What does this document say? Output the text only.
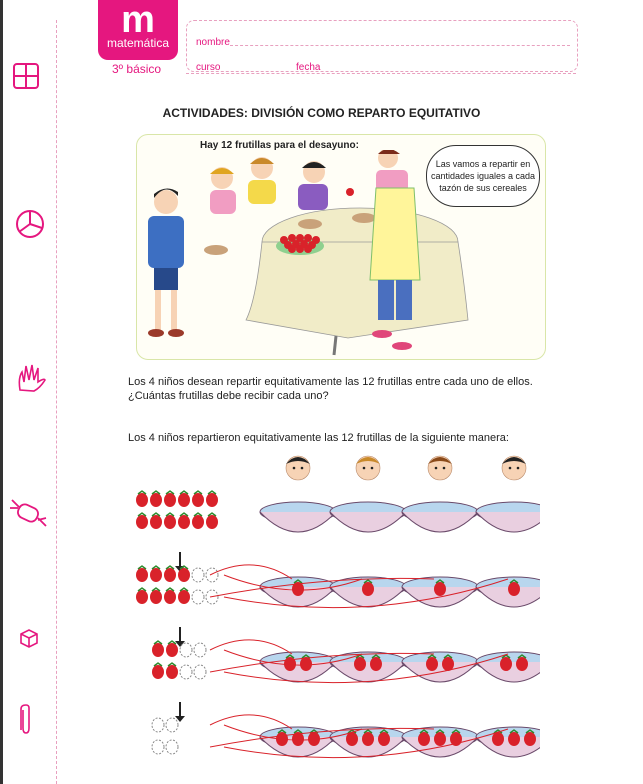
m
matemática
3º básico
nombre
curso	fecha
ACTIVIDADES: DIVISIÓN COMO REPARTO EQUITATIVO
Hay 12 frutillas para el desayuno:
Las vamos a repartir en cantidades iguales a cada tazón de sus cereales
Los 4 niños desean repartir equitativamente las 12 frutillas entre cada uno de ellos.
¿Cuántas frutillas debe recibir cada uno?
Los 4 niños repartieron equitativamente las 12 frutillas de la siguiente manera:
